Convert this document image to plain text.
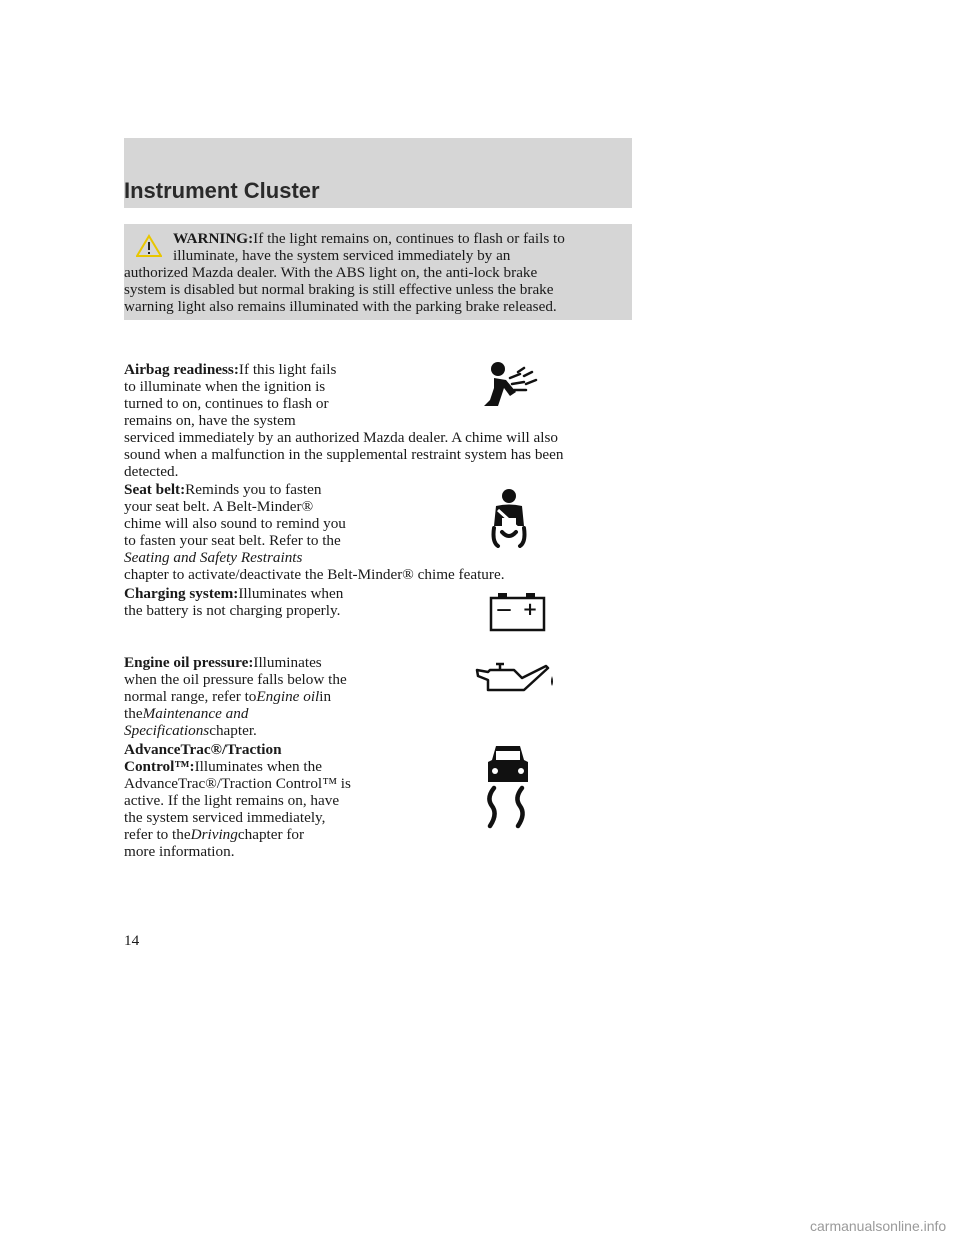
Instrument Cluster
WARNING:If the light remains on, continues to flash or fails to
illuminate, have the system serviced immediately by an
authorized Mazda dealer. With the ABS light on, the anti-lock brake
system is disabled but normal braking is still effective unless the brake
warning light also remains illuminated with the parking brake released.
Airbag readiness:If this light fails
to illuminate when the ignition is
turned to on, continues to flash or
remains on, have the system
serviced immediately by an authorized Mazda dealer. A chime will also
sound when a malfunction in the supplemental restraint system has been
detected.
Seat belt:Reminds you to fasten
your seat belt. A Belt-Minder®
chime will also sound to remind you
to fasten your seat belt. Refer to the
Seating and Safety Restraints
chapter to activate/deactivate the Belt-Minder® chime feature.
Charging system:Illuminates when
the battery is not charging properly.	— +
Engine oil pressure:Illuminates
when the oil pressure falls below the
normal range, refer toEngine oilin
theMaintenance and
Specificationschapter.
AdvanceTrac®/Traction
Control™:Illuminates when the
AdvanceTrac®/Traction Control™ is
active. If the light remains on, have
the system serviced immediately,
refer to theDrivingchapter for
more information.
14
carmanualsonline.info
